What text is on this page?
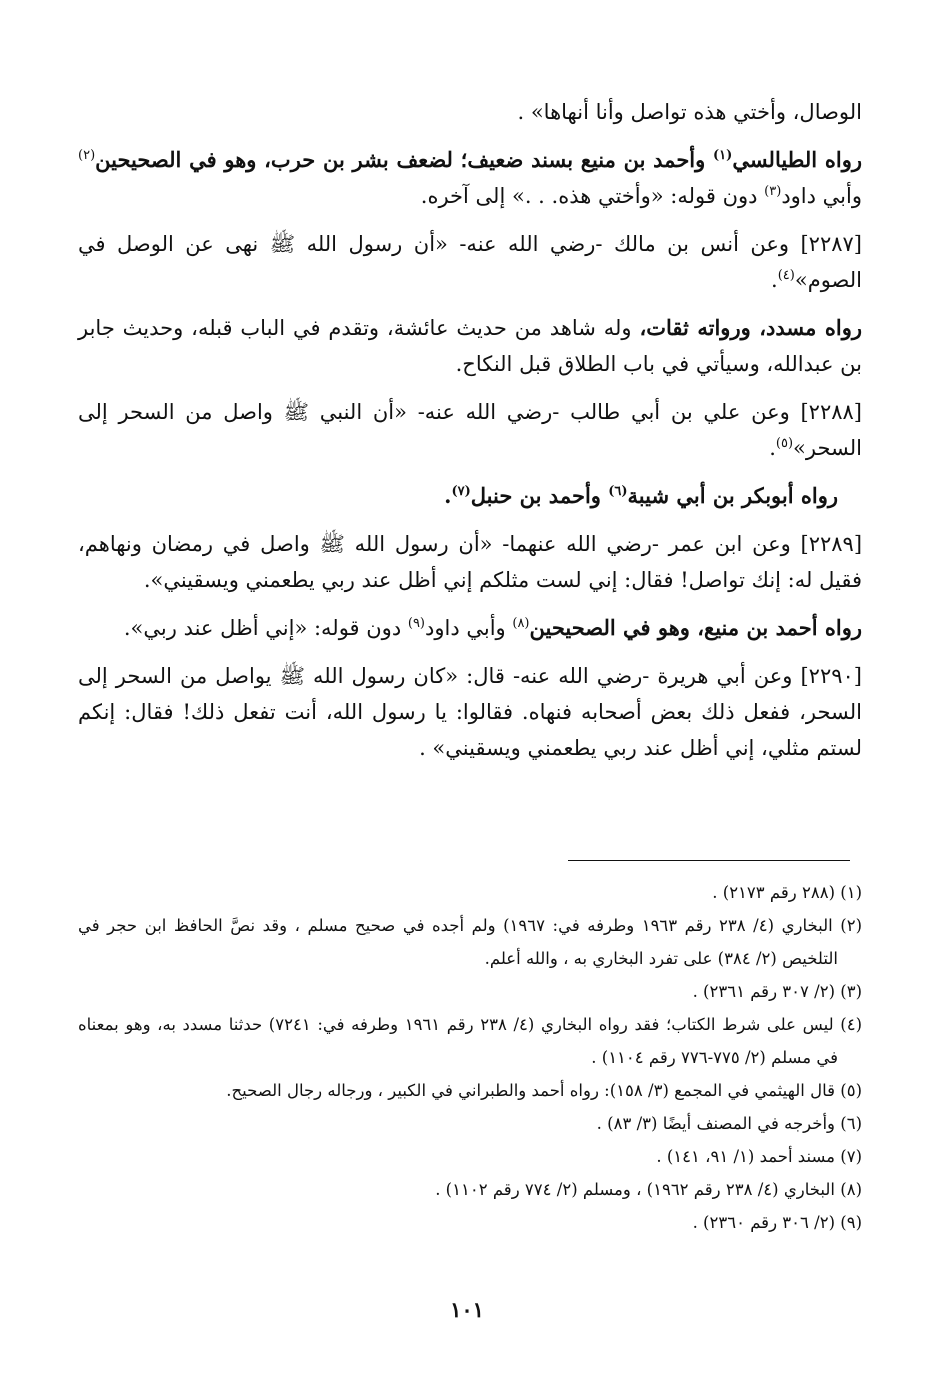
الوصال، وأختي هذه تواصل وأنا أنهاها» .

رواه الطيالسي$^{(١)}$ وأحمد بن منيع بسند ضعيف؛ لضعف بشر بن حرب، وهو في الصحيحين$^{(٢)}$ وأبي داود$^{(٣)}$ دون قوله: «وأختي هذه. . .» إلى آخره.

[٢٢٨٧] وعن أنس بن مالك -رضي الله عنه- «أن رسول الله ﷺ نهى عن الوصل في الصوم»$^{(٤)}$.

رواه مسدد، ورواته ثقات، وله شاهد من حديث عائشة، وتقدم في الباب قبله، وحديث جابر بن عبدالله، وسيأتي في باب الطلاق قبل النكاح.

[٢٢٨٨] وعن علي بن أبي طالب -رضي الله عنه- «أن النبي ﷺ واصل من السحر إلى السحر»$^{(٥)}$.

رواه أبوبكر بن أبي شيبة$^{(٦)}$ وأحمد بن حنبل$^{(٧)}$.

[٢٢٨٩] وعن ابن عمر -رضي الله عنهما- «أن رسول الله ﷺ واصل في رمضان ونهاهم، فقيل له: إنك تواصل! فقال: إني لست مثلكم إني أظل عند ربي يطعمني ويسقيني».

رواه أحمد بن منيع، وهو في الصحيحين$^{(٨)}$ وأبي داود$^{(٩)}$ دون قوله: «إني أظل عند ربي».

[٢٢٩٠] وعن أبي هريرة -رضي الله عنه- قال: «كان رسول الله ﷺ يواصل من السحر إلى السحر، ففعل ذلك بعض أصحابه فنهاه. فقالوا: يا رسول الله، أنت تفعل ذلك! فقال: إنكم لستم مثلي، إني أظل عند ربي يطعمني ويسقيني» .

(١) (٢٨٨ رقم ٢١٧٣) .

(٢) البخاري (٤/ ٢٣٨ رقم ١٩٦٣ وطرفه في: ١٩٦٧) ولم أجده في صحيح مسلم ، وقد نصَّ الحافظ ابن حجر في التلخيص (٢/ ٣٨٤) على تفرد البخاري به ، والله أعلم.

(٣) (٢/ ٣٠٧ رقم ٢٣٦١) .

(٤) ليس على شرط الكتاب؛ فقد رواه البخاري (٤/ ٢٣٨ رقم ١٩٦١ وطرفه في: ٧٢٤١) حدثنا مسدد به، وهو بمعناه في مسلم (٢/ ٧٧٥-٧٧٦ رقم ١١٠٤) .

(٥) قال الهيثمي في المجمع (٣/ ١٥٨): رواه أحمد والطبراني في الكبير ، ورجاله رجال الصحيح.

(٦) وأخرجه في المصنف أيضًا (٣/ ٨٣) .

(٧) مسند أحمد (١/ ٩١، ١٤١) .

(٨) البخاري (٤/ ٢٣٨ رقم ١٩٦٢) ، ومسلم (٢/ ٧٧٤ رقم ١١٠٢) .

(٩) (٢/ ٣٠٦ رقم ٢٣٦٠) .

١٠١
